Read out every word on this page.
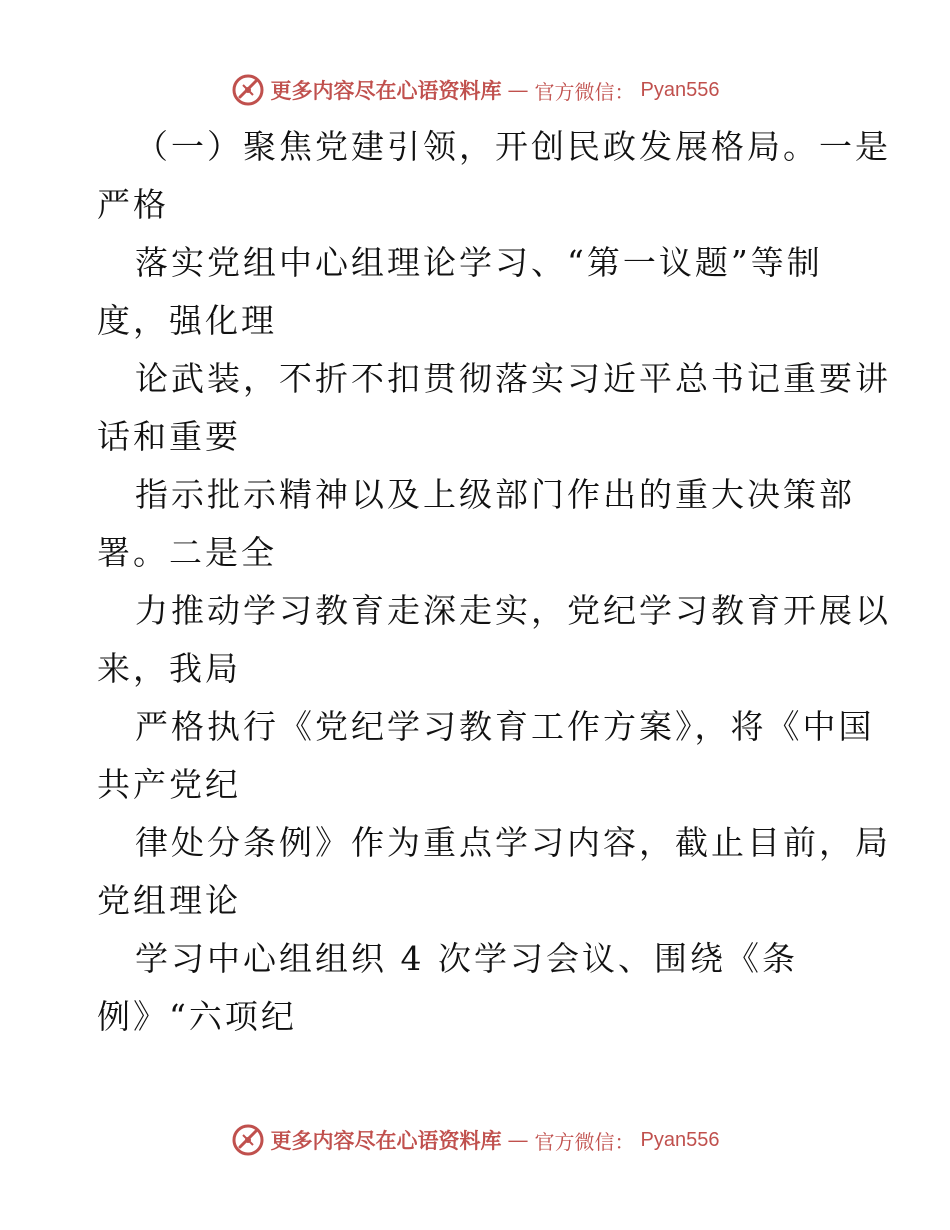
更多内容尽在心语资料库 — 官方微信： Pyan556
（一）聚焦党建引领，开创民政发展格局。一是
严格
落实党组中心组理论学习、“第一议题”等制
度，强化理
论武装，不折不扣贯彻落实习近平总书记重要讲
话和重要
指示批示精神以及上级部门作出的重大决策部
署。二是全
力推动学习教育走深走实，党纪学习教育开展以
来，我局
严格执行《党纪学习教育工作方案》，将《中国
共产党纪
律处分条例》作为重点学习内容，截止目前，局
党组理论
学习中心组组织 4 次学习会议、围绕《条
例》“六项纪
更多内容尽在心语资料库 — 官方微信： Pyan556
